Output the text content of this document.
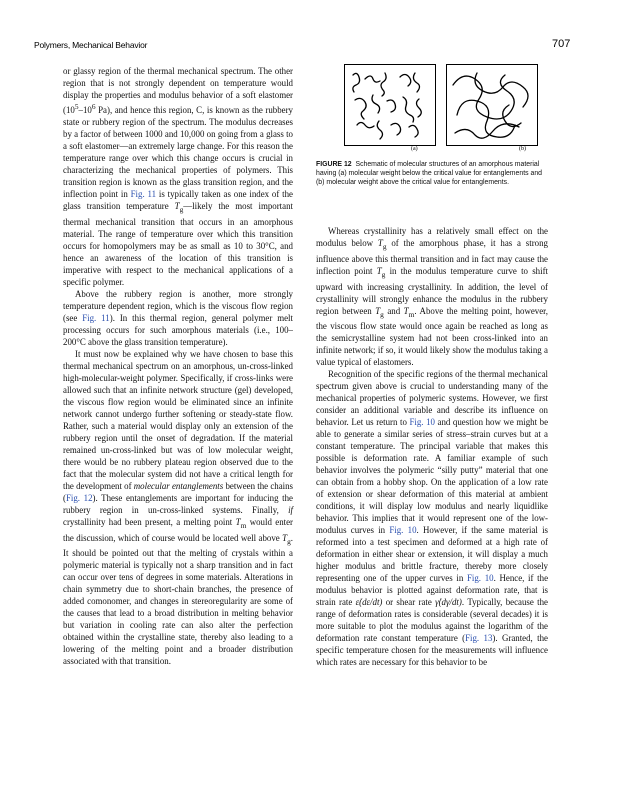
Polymers, Mechanical Behavior	707

or glassy region of the thermal mechanical spectrum. The other region that is not strongly dependent on temperature would display the properties and modulus behavior of a soft elastomer ($10^5-10^6$ Pa), and hence this region, C, is known as the rubbery state or rubbery region of the spectrum. The modulus decreases by a factor of between 1000 and 10,000 on going from a glass to a soft elastomer—an extremely large change. For this reason the temperature range over which this change occurs is crucial in characterizing the mechanical properties of polymers. This transition region is known as the glass transition region, and the inflection point in Fig. 11 is typically taken as one index of the glass transition temperature $T_g—likely$ the most important thermal mechanical transition that occurs in an amorphous material. The range of temperature over which this transition occurs for homopolymers may be as small as 10 to 30°C, and hence an awareness of the location of this transition is imperative with respect to the mechanical applications of a specific polymer.

Above the rubbery region is another, more strongly temperature dependent region, which is the viscous flow region (see Fig. 11). In this thermal region, general polymer melt processing occurs for such amorphous materials (i.e., 100–200°C above the glass transition temperature).

It must now be explained why we have chosen to base this thermal mechanical spectrum on an amorphous, un-cross-linked high-molecular-weight polymer. Specifically, if cross-links were allowed such that an infinite network structure (gel) developed, the viscous flow region would be eliminated since an infinite network cannot undergo further softening or steady-state flow. Rather, such a material would display only an extension of the rubbery region until the onset of degradation. If the material remained un-cross-linked but was of low molecular weight, there would be no rubbery plateau region observed due to the fact that the molecular system did not have a critical length for the development of molecular entanglements between the chains (Fig. 12). These entanglements are important for inducing the rubbery region in un-cross-linked systems. Finally, if crystallinity had been present, a melting point $T_m$ would enter the discussion, which of course would be located well above $T_g$. It should be pointed out that the melting of crystals within a polymeric material is typically not a sharp transition and in fact can occur over tens of degrees in some materials. Alterations in chain symmetry due to short-chain branches, the presence of added comonomer, and changes in stereoregularity are some of the causes that lead to a broad distribution in melting behavior but variation in cooling rate can also alter the perfection obtained within the crystalline state, thereby also leading to a lowering of the melting point and a broader distribution associated with that transition.

(a)	(b)
FIGURE 12 Schematic of molecular structures of an amorphous material having (a) molecular weight below the critical value for entanglements and (b) molecular weight above the critical value for entanglements.

Whereas crystallinity has a relatively small effect on the modulus below $T_g$ of the amorphous phase, it has a strong influence above this thermal transition and in fact may cause the inflection point $T_g$ in the modulus temperature curve to shift upward with increasing crystallinity. In addition, the level of crystallinity will strongly enhance the modulus in the rubbery region between $T_g$ and $T_m$. Above the melting point, however, the viscous flow state would once again be reached as long as the semicrystalline system had not been cross-linked into an infinite network; if so, it would likely show the modulus taking a value typical of elastomers.

Recognition of the specific regions of the thermal mechanical spectrum given above is crucial to understanding many of the mechanical properties of polymeric systems. However, we first consider an additional variable and describe its influence on behavior. Let us return to Fig. 10 and question how we might be able to generate a similar series of stress–strain curves but at a constant temperature. The principal variable that makes this possible is deformation rate. A familiar example of such behavior involves the polymeric “silly putty” material that one can obtain from a hobby shop. On the application of a low rate of extension or shear deformation of this material at ambient conditions, it will display low modulus and nearly liquidlike behavior. This implies that it would represent one of the low-modulus curves in Fig. 10. However, if the same material is reformed into a test specimen and deformed at a high rate of deformation in either shear or extension, it will display a much higher modulus and brittle fracture, thereby more closely representing one of the upper curves in Fig. 10. Hence, if the modulus behavior is plotted against deformation rate, that is strain rate ε̇(dε/dt) or shear rate γ̇(dγ/dt). Typically, because the range of deformation rates is considerable (several decades) it is more suitable to plot the modulus against the logarithm of the deformation rate constant temperature (Fig. 13). Granted, the specific temperature chosen for the measurements will influence which rates are necessary for this behavior to be
